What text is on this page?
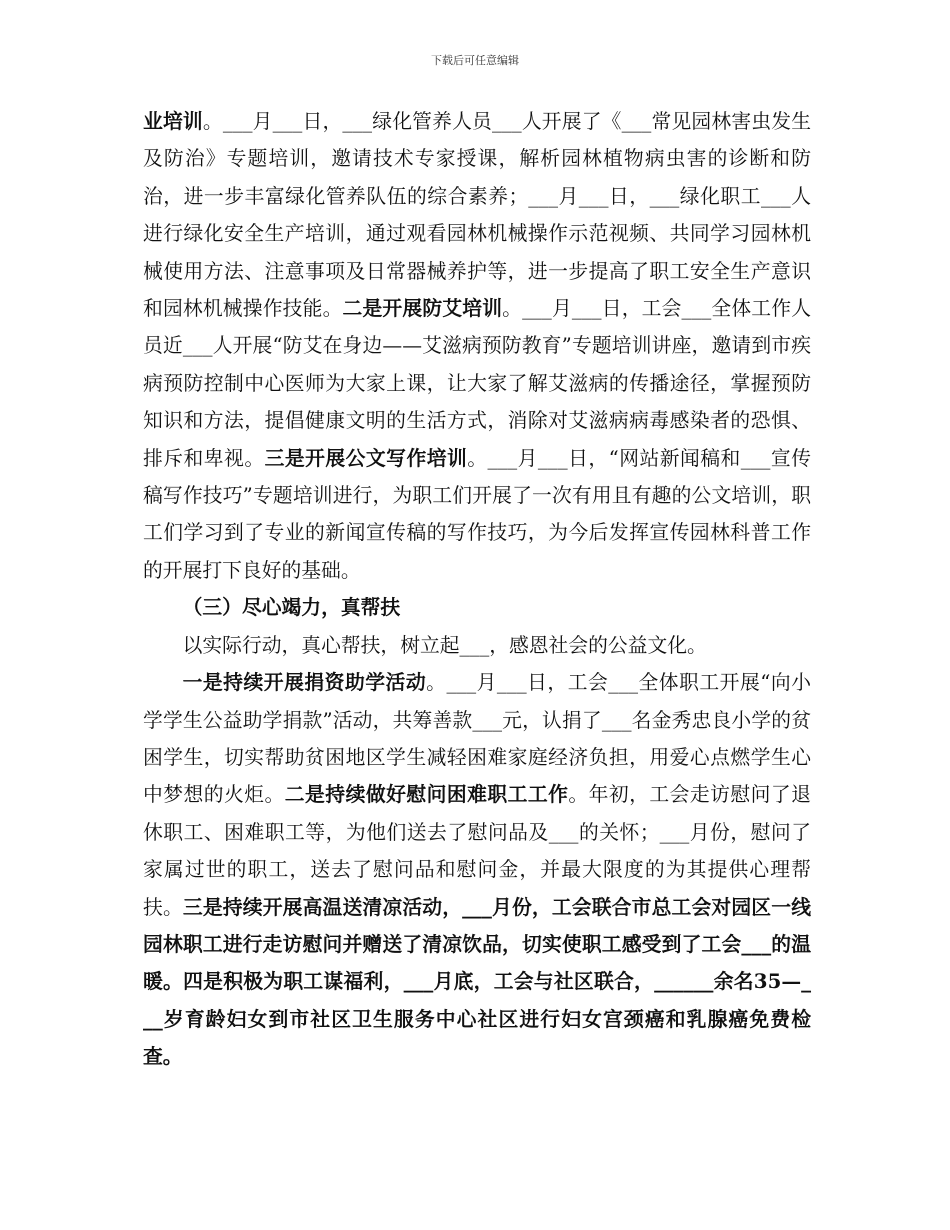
下载后可任意编辑

业培训。___月___日，___绿化管养人员___人开展了《___常见园林害虫发生及防治》专题培训，邀请技术专家授课，解析园林植物病虫害的诊断和防治，进一步丰富绿化管养队伍的综合素养；___月___日，___绿化职工___人进行绿化安全生产培训，通过观看园林机械操作示范视频、共同学习园林机械使用方法、注意事项及日常器械养护等，进一步提高了职工安全生产意识和园林机械操作技能。二是开展防艾培训。___月___日，工会___全体工作人员近___人开展“防艾在身边——艾滋病预防教育”专题培训讲座，邀请到市疾病预防控制中心医师为大家上课，让大家了解艾滋病的传播途径，掌握预防知识和方法，提倡健康文明的生活方式，消除对艾滋病病毒感染者的恐惧、排斥和卑视。三是开展公文写作培训。___月___日，“网站新闻稿和___宣传稿写作技巧”专题培训进行，为职工们开展了一次有用且有趣的公文培训，职工们学习到了专业的新闻宣传稿的写作技巧，为今后发挥宣传园林科普工作的开展打下良好的基础。

（三）尽心竭力，真帮扶

以实际行动，真心帮扶，树立起___，感恩社会的公益文化。

一是持续开展捐资助学活动。___月___日，工会___全体职工开展“向小学学生公益助学捐款”活动，共筹善款___元，认捐了___名金秀忠良小学的贫困学生，切实帮助贫困地区学生减轻困难家庭经济负担，用爱心点燃学生心中梦想的火炬。二是持续做好慰问困难职工工作。年初，工会走访慰问了退休职工、困难职工等，为他们送去了慰问品及___的关怀；___月份，慰问了家属过世的职工，送去了慰问品和慰问金，并最大限度的为其提供心理帮扶。三是持续开展高温送清凉活动，___月份，工会联合市总工会对园区一线园林职工进行走访慰问并赠送了清凉饮品，切实使职工感受到了工会___的温暖。四是积极为职工谋福利，___月底，工会与社区联合，______余名35—___岁育龄妇女到市社区卫生服务中心社区进行妇女宫颈癌和乳腺癌免费检查。
